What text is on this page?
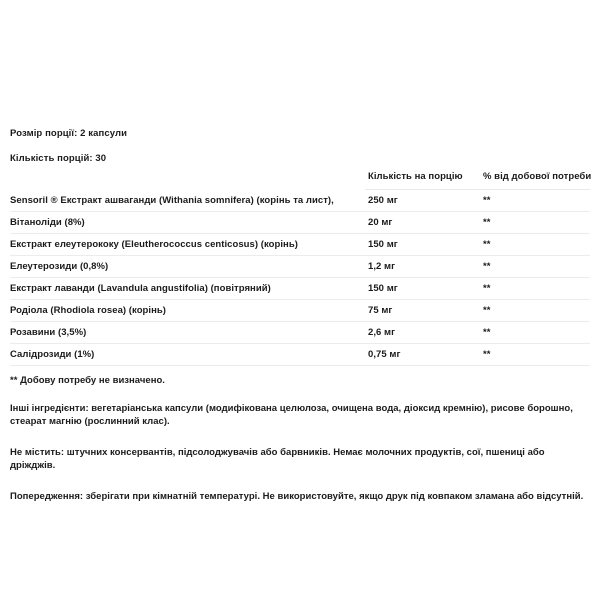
Розмір порції: 2 капсули
Кількість порцій: 30
	Кількість на порцію	% від добової потреби
Sensoril ® Екстракт ашваганди (Withania somnifera) (корінь та лист),	250 мг	**
Вітаноліди (8%)	20 мг	**
Екстракт елеутерококу (Eleutherococcus centicosus) (корінь)	150 мг	**
Елеутерозиди (0,8%)	1,2 мг	**
Екстракт лаванди (Lavandula angustifolia) (повітряний)	150 мг	**
Родіола (Rhodiola rosea) (корінь)	75 мг	**
Розавини (3,5%)	2,6 мг	**
Салідрозиди (1%)	0,75 мг	**
** Добову потребу не визначено.
Інші інгредієнти: вегетаріанська капсули (модифікована целюлоза, очищена вода, діоксид кремнію), рисове борошно, стеарат магнію (рослинний клас).
Не містить: штучних консервантів, підсолоджувачів або барвників. Немає молочних продуктів, сої, пшениці або дріжджів.
Попередження: зберігати при кімнатній температурі. Не використовуйте, якщо друк під ковпаком зламана або відсутній.
